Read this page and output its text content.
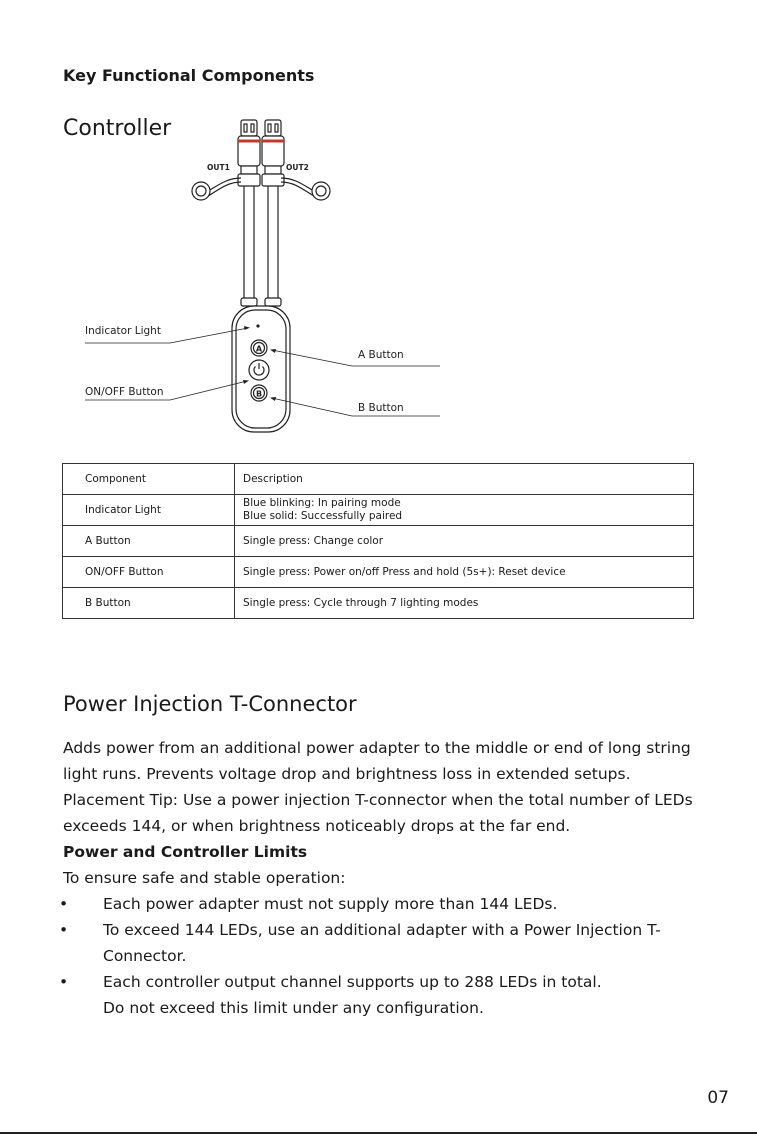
Key Functional Components
Controller
OUT1	OUT2
Indicator Light
ON/OFF Button
A Button
B Button
A
B
Component	Description
Indicator Light	Blue blinking: In pairing mode
Blue solid: Successfully paired

A Button	Single press: Change color
ON/OFF Button	Single press: Power on/off Press and hold (5s+): Reset device
B Button	Single press: Cycle through 7 lighting modes
Power Injection T-Connector

Adds power from an additional power adapter to the middle or end of long string light runs. Prevents voltage drop and brightness loss in extended setups.

Placement Tip: Use a power injection T-connector when the total number of LEDs exceeds 144, or when brightness noticeably drops at the far end.

Power and Controller Limits

To ensure safe and stable operation:

• Each power adapter must not supply more than 144 LEDs.
• To exceed 144 LEDs, use an additional adapter with a Power Injection T-Connector.
• Each controller output channel supports up to 288 LEDs in total.
Do not exceed this limit under any configuration.
07
